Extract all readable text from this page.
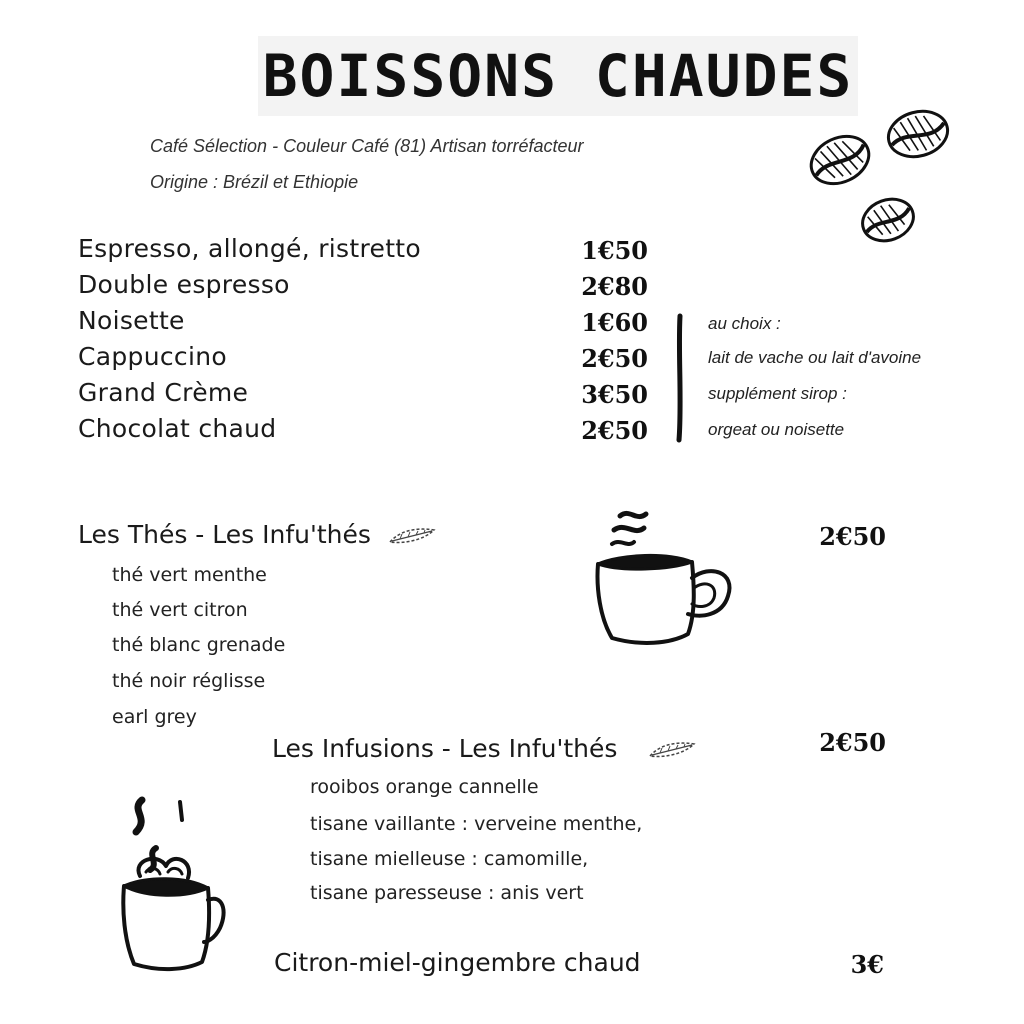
BOISSONS CHAUDES
Café Sélection - Couleur Café (81) Artisan torréfacteur
Origine : Brézil et Ethiopie
Espresso, allongé, ristretto	1€50
Double espresso	2€80
Noisette	1€60
Cappuccino	2€50
Grand Crème	3€50
Chocolat chaud	2€50
au choix :
lait de vache ou lait d'avoine
supplément sirop :
orgeat ou noisette
Les Thés - Les Infu'thés	2€50
thé vert menthe
thé vert citron
thé blanc grenade
thé noir réglisse
earl grey
Les Infusions - Les Infu'thés	2€50
rooibos orange cannelle
tisane vaillante : verveine menthe,
tisane mielleuse : camomille,
tisane paresseuse : anis vert
Citron-miel-gingembre chaud	3€
